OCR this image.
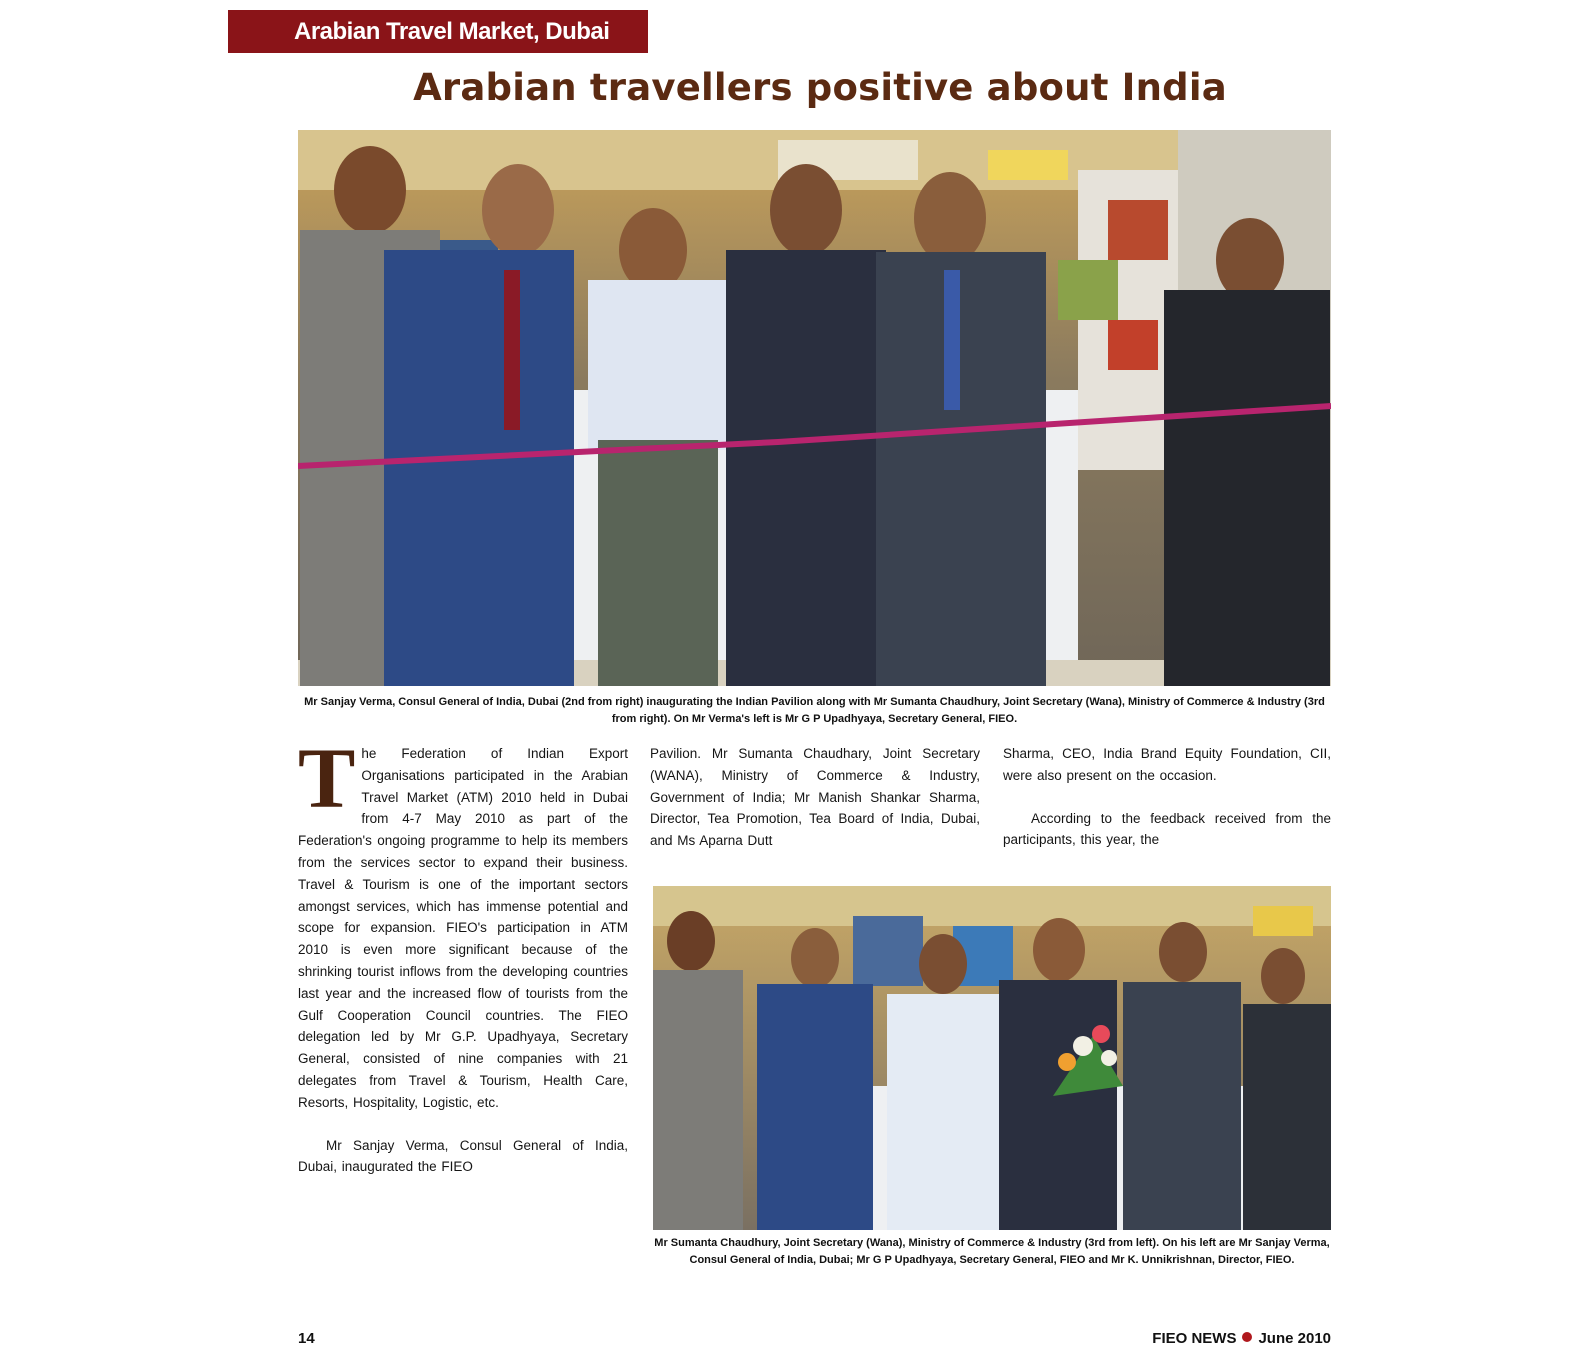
Arabian Travel Market, Dubai
Arabian travellers positive about India
Mr Sanjay Verma, Consul General of India, Dubai (2nd from right) inaugurating the Indian Pavilion along with Mr Sumanta Chaudhury, Joint Secretary (Wana), Ministry of Commerce & Industry (3rd from right). On Mr Verma's left is Mr G P Upadhyaya, Secretary General, FIEO.

The Federation of Indian Export Organisations participated in the Arabian Travel Market (ATM) 2010 held in Dubai from 4-7 May 2010 as part of the Federation's ongoing programme to help its members from the services sector to expand their business. Travel & Tourism is one of the important sectors amongst services, which has immense potential and scope for expansion. FIEO's participation in ATM 2010 is even more significant because of the shrinking tourist inflows from the developing countries last year and the increased flow of tourists from the Gulf Cooperation Council countries. The FIEO delegation led by Mr G.P. Upadhyaya, Secretary General, consisted of nine companies with 21 delegates from Travel & Tourism, Health Care, Resorts, Hospitality, Logistic, etc.

Mr Sanjay Verma, Consul General of India, Dubai, inaugurated the FIEO

Pavilion. Mr Sumanta Chaudhary, Joint Secretary (WANA), Ministry of Commerce & Industry, Government of India; Mr Manish Shankar Sharma, Director, Tea Promotion, Tea Board of India, Dubai, and Ms Aparna Dutt

Sharma, CEO, India Brand Equity Foundation, CII, were also present on the occasion.

According to the feedback received from the participants, this year, the

Mr Sumanta Chaudhury, Joint Secretary (Wana), Ministry of Commerce & Industry (3rd from left). On his left are Mr Sanjay Verma, Consul General of India, Dubai; Mr G P Upadhyaya, Secretary General, FIEO and Mr K. Unnikrishnan, Director, FIEO.
14	FIEO NEWS June 2010
